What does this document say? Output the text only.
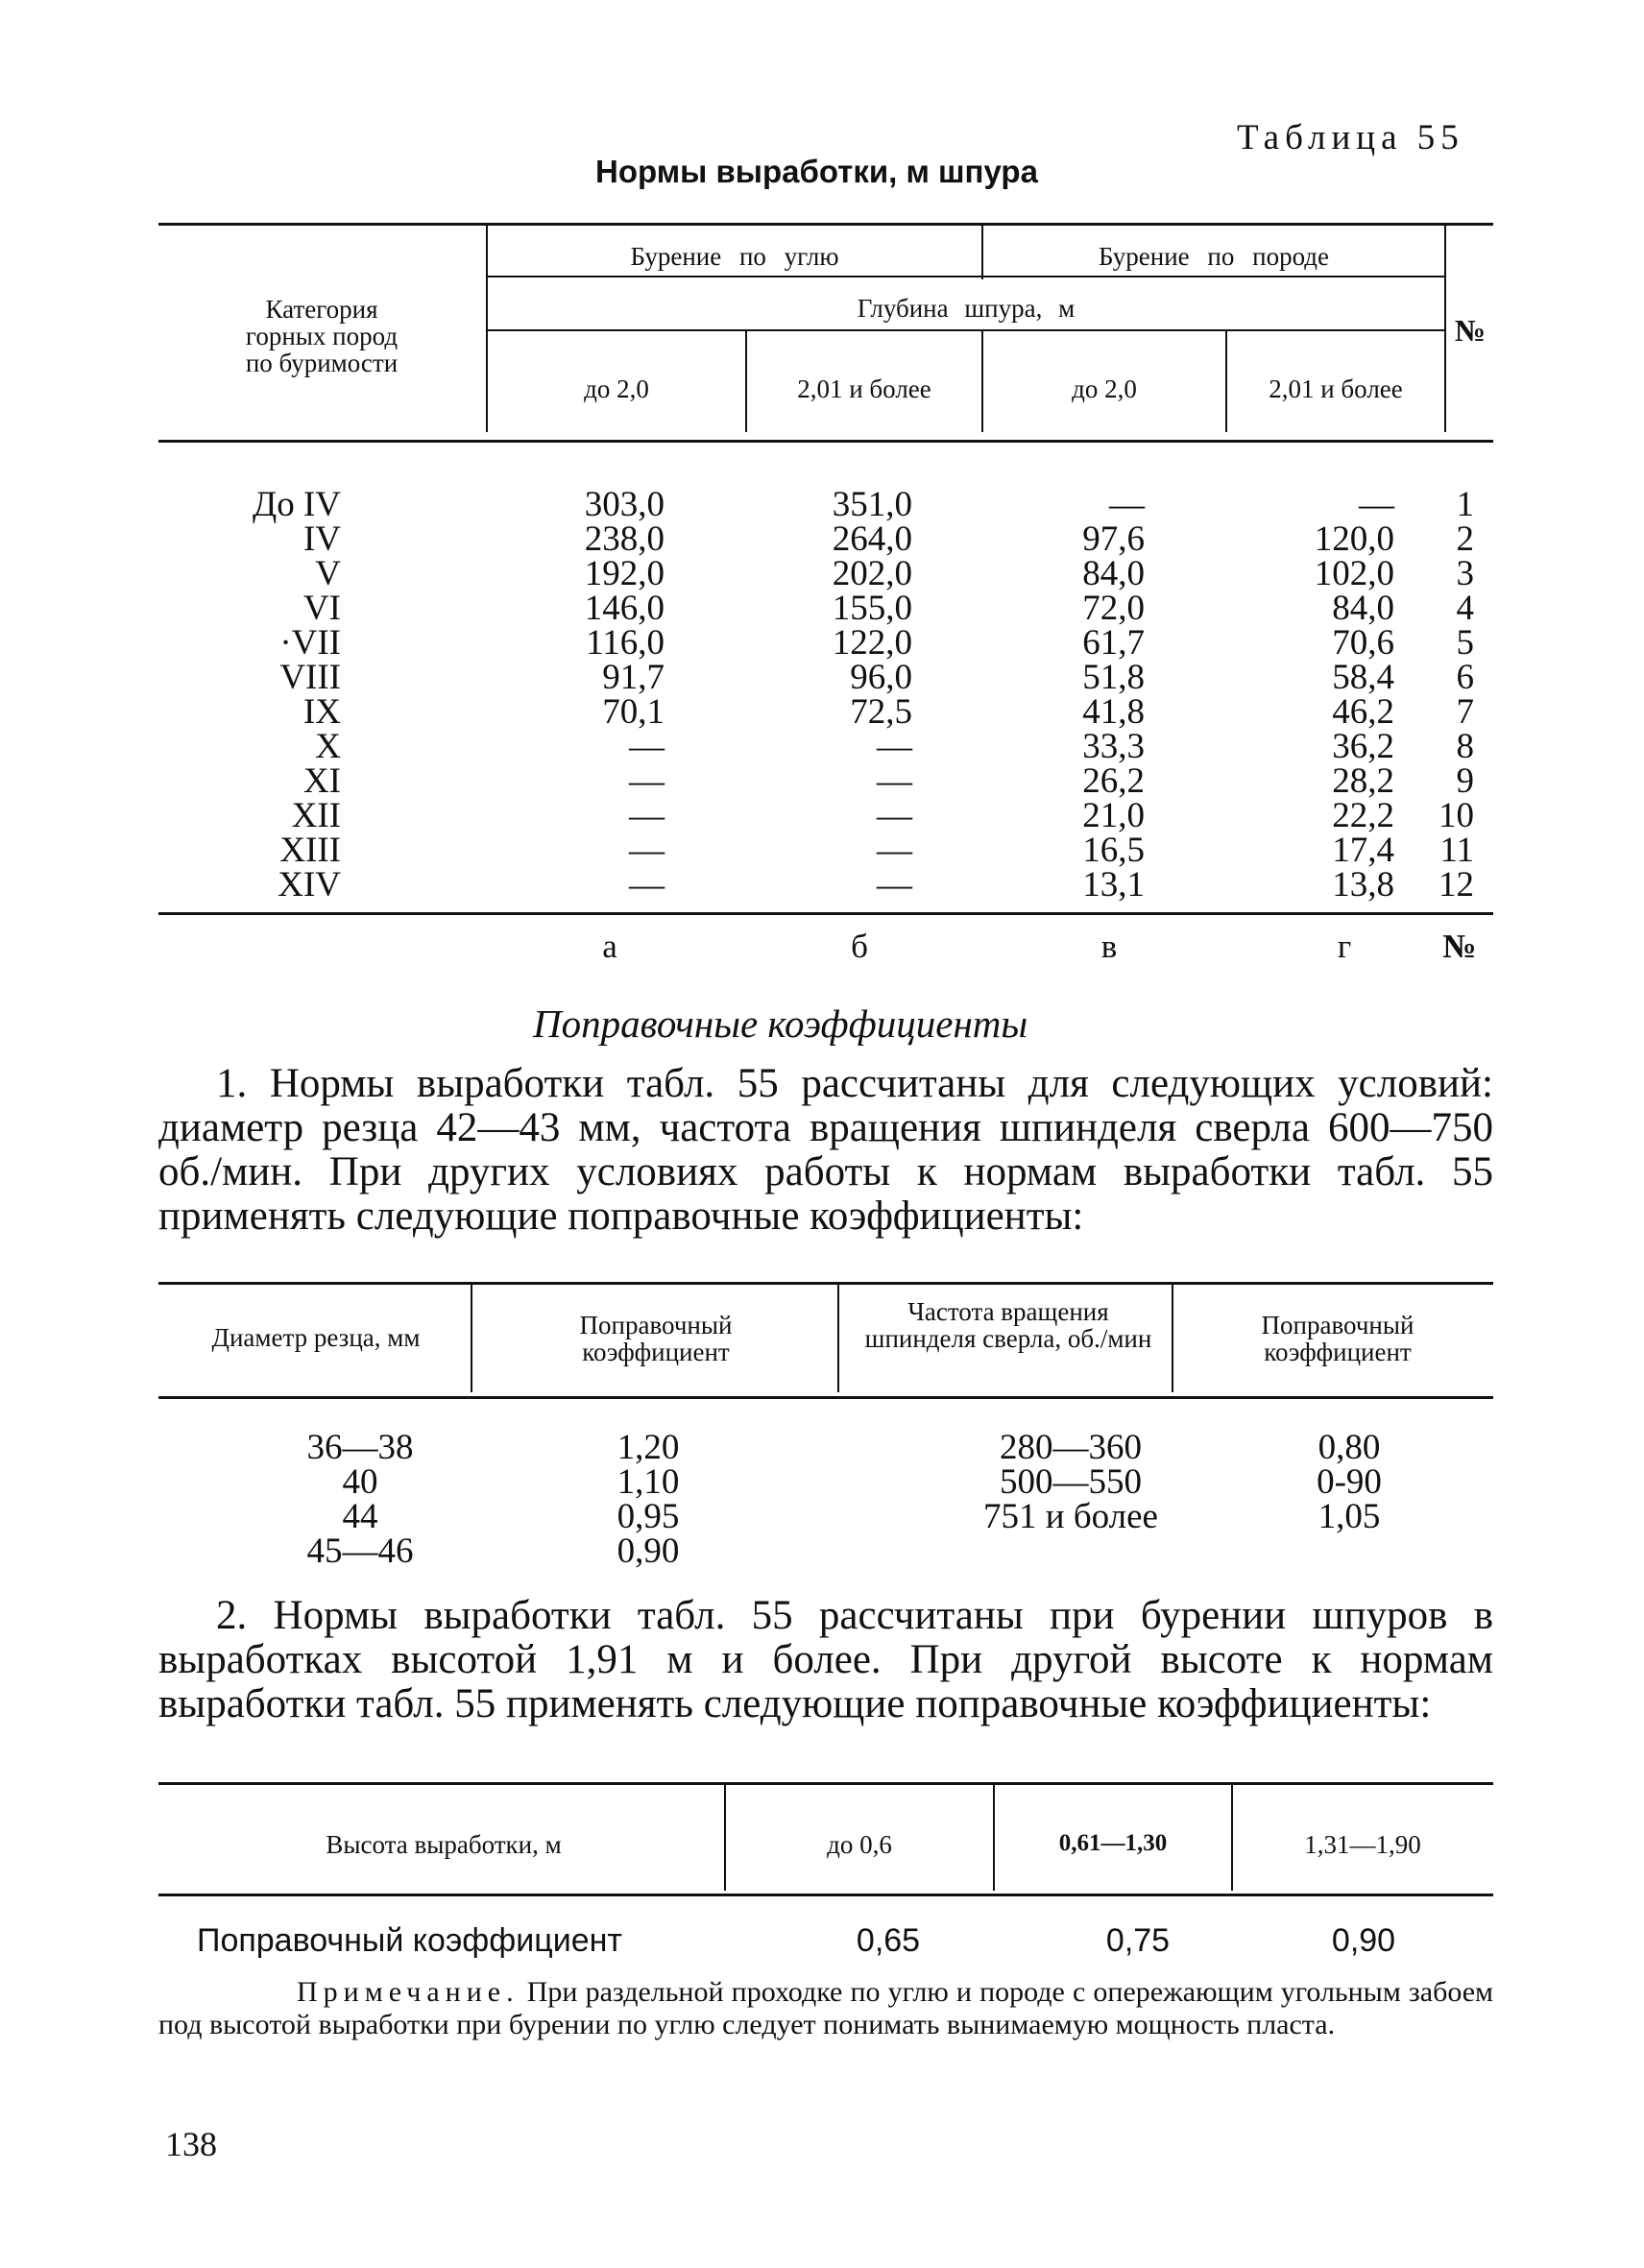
Таблица 55
Нормы выработки, м шпура
Категория
горных пород
по буримости
Бурение по углю	Бурение по породе
Глубина шпура, м
до 2,0	2,01 и более	до 2,0	2,01 и более
№
До IV	303,0	351,0	—	—	1
IV	238,0	264,0	97,6	120,0	2
V	192,0	202,0	84,0	102,0	3
VI	146,0	155,0	72,0	84,0	4
·VII	116,0	122,0	61,7	70,6	5
VIII	91,7	96,0	51,8	58,4	6
IX	70,1	72,5	41,8	46,2	7
X	—	—	33,3	36,2	8
XI	—	—	26,2	28,2	9
XII	—	—	21,0	22,2	10
XIII	—	—	16,5	17,4	11
XIV	—	—	13,1	13,8	12
а	б	в	г	№
Поправочные коэффициенты
1. Нормы выработки табл. 55 рассчитаны для следующих условий: диаметр резца 42—43 мм, частота вращения шпинделя сверла 600—750 об./мин. При других условиях работы к нормам выработки табл. 55 применять следующие поправочные коэффициенты:
Диаметр резца, мм	Поправочный коэффициент
Частота вращения шпинделя сверла, об./мин	Поправочный коэффициент
36—38	1,20	280—360	0,80
40	1,10	500—550	0-90
44	0,95	751 и более	1,05
45—46	0,90
2. Нормы выработки табл. 55 рассчитаны при бурении шпуров в выработках высотой 1,91 м и более. При другой высоте к нормам выработки табл. 55 применять следующие поправочные коэффициенты:
Высота выработки, м	до 0,6	0,61—1,30	1,31—1,90
Поправочный коэффициент	0,65	0,75	0,90
Примечание. При раздельной проходке по углю и породе с опережающим угольным забоем под высотой выработки при бурении по углю следует понимать вынимаемую мощность пласта.
138
